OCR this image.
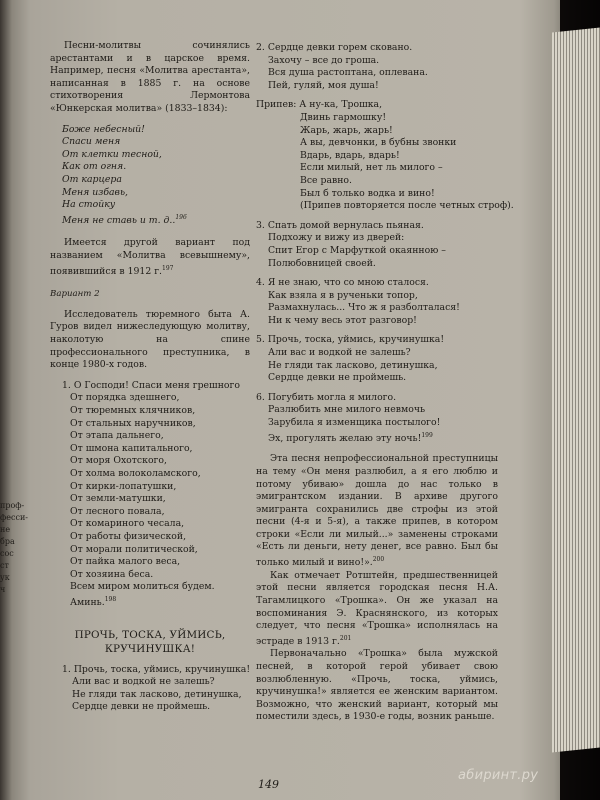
проф-
фесси-
не
бра
сос
ст
ук
ч

Песни-молитвы сочинялись арестантами и в царское время. Например, песня «Молитва арестанта», написанная в 1885 г. на основе стихотворения Лермонтова «Юнкерская молитва» (1833–1834):

Боже небесный!
Спаси меня
От клетки тесной,
Как от огня.
От карцера
Меня избавь,
На стойку
Меня не ставь и т. д..$^{196}$

Имеется другой вариант под названием «Молитва всевышнему», появившийся в 1912 г.$^{197}$

Вариант 2

Исследователь тюремного быта А. Гуров видел нижеследующую молитву, наколотую на спине профессионального преступника, в конце 1980-х годов.

1. О Господи! Спаси меня грешного
От порядка здешнего,
От тюремных клячников,
От стальных наручников,
От этапа дальнего,
От шмона капитального,
От моря Охотского,
От холма волоколамского,
От кирки-лопатушки,
От земли-матушки,
От лесного повала,
От комариного чесала,
От работы физической,
От морали политической,
От пайка малого веса,
От хозяина беса.
Всем миром молиться будем.
Аминь.$^{198}$
ПРОЧЬ, ТОСКА, УЙМИСЬ,
КРУЧИНУШКА!
1. Прочь, тоска, уймись, кручинушка!
Али вас и водкой не залешь?
Не гляди так ласково, детинушка,
Сердце девки не проймешь.
2. Сердце девки горем сковано.
Захочу – все до гроша.
Вся душа растоптана, оплевана.
Пей, гуляй, моя душа!
Припев: А ну-ка, Трошка,
Двинь гармошку!
Жарь, жарь, жарь!
А вы, девчонки, в бубны звонки
Вдарь, вдарь, вдарь!
Если милый, нет ль милого –
Все равно.
Был б только водка и вино!
(Припев повторяется после четных строф).
3. Спать домой вернулась пьяная.
Подхожу и вижу из дверей:
Спит Егор с Марфуткой окаянною –
Полюбовницей своей.
4. Я не знаю, что со мною сталося.
Как взяла я в рученьки топор,
Размахнулась... Что ж я разболталася!
Ни к чему весь этот разговор!
5. Прочь, тоска, уймись, кручинушка!
Али вас и водкой не залешь?
Не гляди так ласково, детинушка,
Сердце девки не проймешь.
6. Погубить могла я милого.
Разлюбить мне милого невмочь
Зарубила я изменщика постылого!
Эх, прогулять желаю эту ночь!$^{199}$

Эта песня непрофессиональной преступницы на тему «Он меня разлюбил, а я его люблю и потому убиваю» дошла до нас только в эмигрантском издании. В архиве другого эмигранта сохранились две строфы из этой песни (4-я и 5-я), а также припев, в котором строки «Если ли милый...» заменены строками «Есть ли деньги, нету денег, все равно. Был бы только милый и вино!».$^{200}$

Как отмечает Ротштейн, предшественницей этой песни является городская песня Н.А. Тагамлицкого «Трошка». Он же указал на воспоминания Э. Краснянского, из которых следует, что песня «Трошка» исполнялась на эстраде в 1913 г.$^{201}$

Первоначально «Трошка» была мужской песней, в которой герой убивает свою возлюбленную. «Прочь, тоска, уймись, кручинушка!» является ее женским вариантом. Возможно, что женский вариант, который мы поместили здесь, в 1930-е годы, возник раньше.

149
абиринт.ру
